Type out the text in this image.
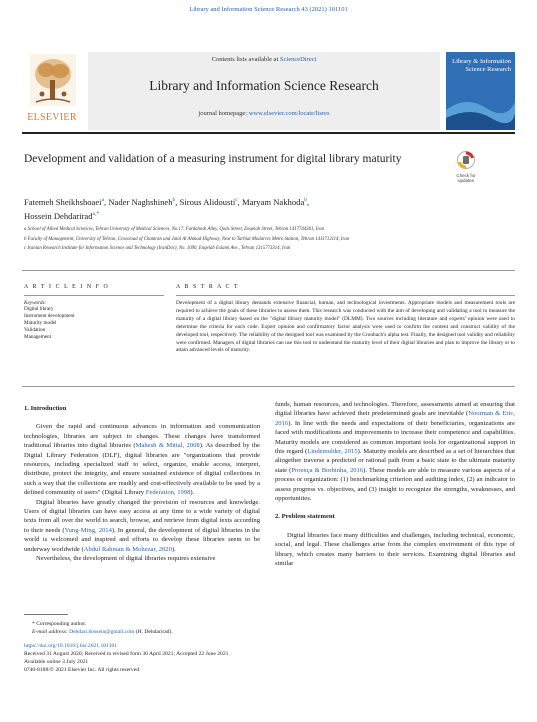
Library and Information Science Research 43 (2021) 101101
ELSEVIER
Contents lists available at ScienceDirect
Library and Information Science Research
journal homepage: www.elsevier.com/locate/lisres
Library & Information Science Research
Development and validation of a measuring instrument for digital library maturity
Check for updates
Fatemeh Sheikhshoaei$^a$, Nader Naghshineh$^b$, Sirous Alidousti$^c$, Maryam Nakhoda$^b$,
Hossein Dehdarirad$^{a,*}$
a School of Allied Medical Sciences, Tehran University of Medical Sciences, No.17, Fardanesh Alley, Qods Street, Enqelab Street, Tehran 1417744361, Iran
b Faculty of Management, University of Tehran, Crossroad of Chamran and Jalal Al Ahmad Highway, Next to Tarbiat Modarres Metro Station, Tehran 1411713114, Iran
c Iranian Research Institute for Information Science and Technology (IranDoc), No. 1090, Enqelab Eslami Ave., Tehran 1315773314, Iran
A R T I C L E I N F O
Keywords:
Digital library
Instrument development
Maturity model
Validation
Management
A B S T R A C T
Development of a digital library demands extensive financial, human, and technological investments. Appropriate models and measurement tools are required to achieve the goals of these libraries to assess them. This research was conducted with the aim of developing and validating a tool to measure the maturity of a digital library based on the "digital library maturity model" (DLMM). Two sources including literature and experts' opinion were used to determine the criteria for each code. Expert opinion and confirmatory factor analysis were used to confirm the content and construct validity of the developed tool, respectively. The reliability of the designed tool was examined by the Cronbach's alpha test. Finally, the designed tool validity and reliability were confirmed. Managers of digital libraries can use this tool to understand the maturity level of their digital libraries and plan to improve the library or to attain advanced levels of maturity.
1. Introduction

Given the rapid and continuous advances in information and communication technologies, libraries are subject to changes. These changes have transformed traditional libraries into digital libraries (Mahesh & Mittal, 2008). As described by the Digital Library Federation (DLF), digital libraries are "organizations that provide resources, including specialized staff to select, organize, enable access, interpret, distribute, protect the integrity, and ensure sustained existence of digital collections in such a way that the collections are readily and cost-effectively available to be used by a defined community of users" (Digital Library Federation, 1998).

Digital libraries have greatly changed the provision of resources and knowledge. Users of digital libraries can have easy access at any time to a wide variety of digital texts from all over the world to search, browse, and retrieve from digital texts according to their needs (Yung-Ming, 2014). In general, the development of digital libraries in the world is welcomed and inspired and efforts to develop these libraries seem to be underway worldwide (Abdul Rahman & Mohezar, 2020).

Nevertheless, the development of digital libraries requires extensive

funds, human resources, and technologies. Therefore, assessments aimed at ensuring that digital libraries have achieved their predetermined goals are inevitable (Noorman & Eric, 2016). In line with the needs and expectations of their beneficiaries, organizations are faced with modifications and improvements to increase their competence and capabilities. Maturity models are considered as common important tools for organizational support in this regard (Lindemulder, 2015). Maturity models are described as a set of hierarchies that altogether traverse a predicted or rational path from a basic state to the ultimate maturity state (Proença & Borbinha, 2016). These models are able to measure various aspects of a process or organization: (1) benchmarking criterion and auditing index, (2) an indicator to assess progress vs. objectives, and (3) insight to recognize the strengths, weaknesses, and opportunities.

2. Problem statement

Digital libraries face many difficulties and challenges, including technical, economic, social, and legal. These challenges arise from the complex environment of this type of library, which creates many barriers to their services. Examining digital libraries and similar

* Corresponding author.
E-mail address: Dehdari.hossein@gmail.com (H. Dehdarirad).
https://doi.org/10.1016/j.lisr.2021.101101
Received 31 August 2020; Received in revised form 30 April 2021; Accepted 22 June 2021
Available online 3 July 2021
0740-8188/© 2021 Elsevier Inc. All rights reserved.
